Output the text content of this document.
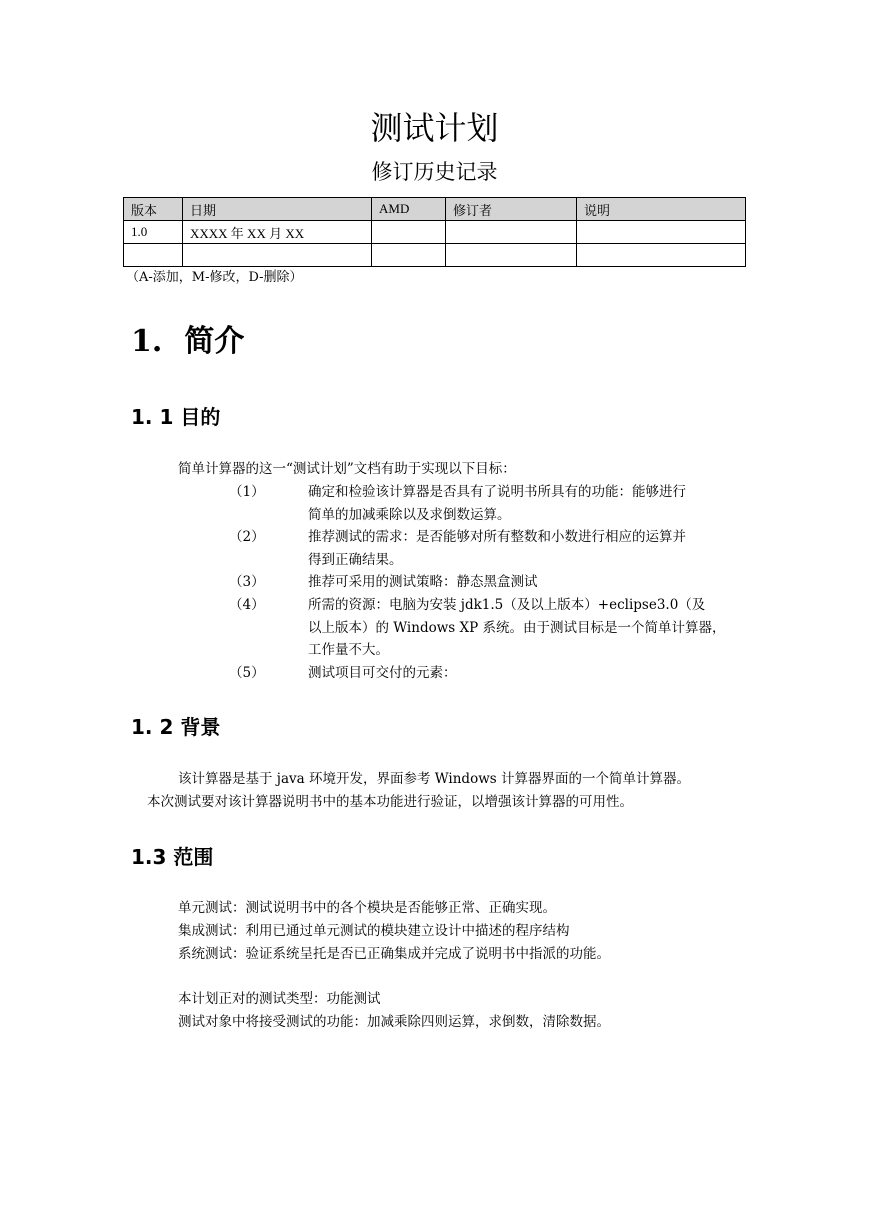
测试计划
修订历史记录
版本	日期	AMD	修订者	说明
1.0	XXXX 年 XX 月 XX			

（A-添加，M-修改，D-删除）
1. 简介
1. 1 目的
简单计算器的这一“测试计划”文档有助于实现以下目标：
（1）	确定和检验该计算器是否具有了说明书所具有的功能：能够进行
简单的加减乘除以及求倒数运算。
（2）	推荐测试的需求：是否能够对所有整数和小数进行相应的运算并
得到正确结果。
（3）	推荐可采用的测试策略：静态黑盒测试
（4）	所需的资源：电脑为安装 jdk1.5（及以上版本）+eclipse3.0（及
以上版本）的 Windows XP 系统。由于测试目标是一个简单计算器，
工作量不大。
（5）	测试项目可交付的元素：
1. 2 背景
该计算器是基于 java 环境开发，界面参考 Windows 计算器界面的一个简单计算器。
本次测试要对该计算器说明书中的基本功能进行验证，以增强该计算器的可用性。
1.3 范围
单元测试：测试说明书中的各个模块是否能够正常、正确实现。
集成测试：利用已通过单元测试的模块建立设计中描述的程序结构
系统测试：验证系统呈托是否已正确集成并完成了说明书中指派的功能。
本计划正对的测试类型：功能测试
测试对象中将接受测试的功能：加减乘除四则运算，求倒数，清除数据。
